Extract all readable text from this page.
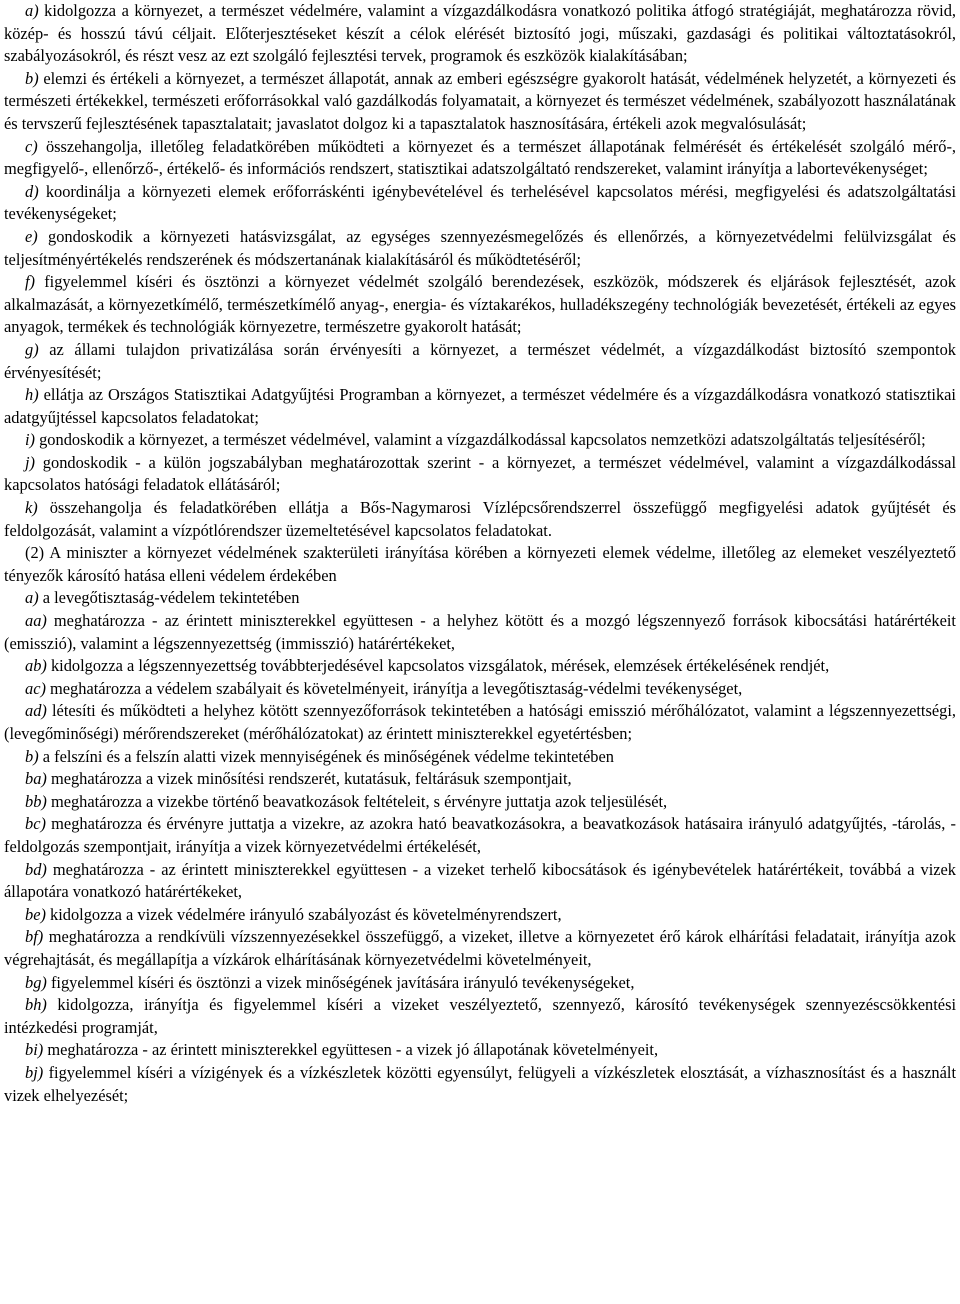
a) kidolgozza a környezet, a természet védelmére, valamint a vízgazdálkodásra vonatkozó politika átfogó stratégiáját, meghatározza rövid, közép- és hosszú távú céljait. Előterjesztéseket készít a célok elérését biztosító jogi, műszaki, gazdasági és politikai változtatásokról, szabályozásokról, és részt vesz az ezt szolgáló fejlesztési tervek, programok és eszközök kialakításában;

b) elemzi és értékeli a környezet, a természet állapotát, annak az emberi egészségre gyakorolt hatását, védelmének helyzetét, a környezeti és természeti értékekkel, természeti erőforrásokkal való gazdálkodás folyamatait, a környezet és természet védelmének, szabályozott használatának és tervszerű fejlesztésének tapasztalatait; javaslatot dolgoz ki a tapasztalatok hasznosítására, értékeli azok megvalósulását;

c) összehangolja, illetőleg feladatkörében működteti a környezet és a természet állapotának felmérését és értékelését szolgáló mérő-, megfigyelő-, ellenőrző-, értékelő- és információs rendszert, statisztikai adatszolgáltató rendszereket, valamint irányítja a labortevékenységet;

d) koordinálja a környezeti elemek erőforráskénti igénybevételével és terhelésével kapcsolatos mérési, megfigyelési és adatszolgáltatási tevékenységeket;

e) gondoskodik a környezeti hatásvizsgálat, az egységes szennyezésmegelőzés és ellenőrzés, a környezetvédelmi felülvizsgálat és teljesítményértékelés rendszerének és módszertanának kialakításáról és működtetéséről;

f) figyelemmel kíséri és ösztönzi a környezet védelmét szolgáló berendezések, eszközök, módszerek és eljárások fejlesztését, azok alkalmazását, a környezetkímélő, természetkímélő anyag-, energia- és víztakarékos, hulladékszegény technológiák bevezetését, értékeli az egyes anyagok, termékek és technológiák környezetre, természetre gyakorolt hatását;

g) az állami tulajdon privatizálása során érvényesíti a környezet, a természet védelmét, a vízgazdálkodást biztosító szempontok érvényesítését;

h) ellátja az Országos Statisztikai Adatgyűjtési Programban a környezet, a természet védelmére és a vízgazdálkodásra vonatkozó statisztikai adatgyűjtéssel kapcsolatos feladatokat;

i) gondoskodik a környezet, a természet védelmével, valamint a vízgazdálkodással kapcsolatos nemzetközi adatszolgáltatás teljesítéséről;

j) gondoskodik - a külön jogszabályban meghatározottak szerint - a környezet, a természet védelmével, valamint a vízgazdálkodással kapcsolatos hatósági feladatok ellátásáról;

k) összehangolja és feladatkörében ellátja a Bős-Nagymarosi Vízlépcsőrendszerrel összefüggő megfigyelési adatok gyűjtését és feldolgozását, valamint a vízpótlórendszer üzemeltetésével kapcsolatos feladatokat.

(2) A miniszter a környezet védelmének szakterületi irányítása körében a környezeti elemek védelme, illetőleg az elemeket veszélyeztető tényezők károsító hatása elleni védelem érdekében

a) a levegőtisztaság-védelem tekintetében

aa) meghatározza - az érintett miniszterekkel együttesen - a helyhez kötött és a mozgó légszennyező források kibocsátási határértékeit (emisszió), valamint a légszennyezettség (immisszió) határértékeket,

ab) kidolgozza a légszennyezettség továbbterjedésével kapcsolatos vizsgálatok, mérések, elemzések értékelésének rendjét,

ac) meghatározza a védelem szabályait és követelményeit, irányítja a levegőtisztaság-védelmi tevékenységet,

ad) létesíti és működteti a helyhez kötött szennyezőforrások tekintetében a hatósági emisszió mérőhálózatot, valamint a légszennyezettségi, (levegőminőségi) mérőrendszereket (mérőhálózatokat) az érintett miniszterekkel egyetértésben;

b) a felszíni és a felszín alatti vizek mennyiségének és minőségének védelme tekintetében

ba) meghatározza a vizek minősítési rendszerét, kutatásuk, feltárásuk szempontjait,

bb) meghatározza a vizekbe történő beavatkozások feltételeit, s érvényre juttatja azok teljesülését,

bc) meghatározza és érvényre juttatja a vizekre, az azokra ható beavatkozásokra, a beavatkozások hatásaira irányuló adatgyűjtés, -tárolás, -feldolgozás szempontjait, irányítja a vizek környezetvédelmi értékelését,

bd) meghatározza - az érintett miniszterekkel együttesen - a vizeket terhelő kibocsátások és igénybevételek határértékeit, továbbá a vizek állapotára vonatkozó határértékeket,

be) kidolgozza a vizek védelmére irányuló szabályozást és követelményrendszert,

bf) meghatározza a rendkívüli vízszennyezésekkel összefüggő, a vizeket, illetve a környezetet érő károk elhárítási feladatait, irányítja azok végrehajtását, és megállapítja a vízkárok elhárításának környezetvédelmi követelményeit,

bg) figyelemmel kíséri és ösztönzi a vizek minőségének javítására irányuló tevékenységeket,

bh) kidolgozza, irányítja és figyelemmel kíséri a vizeket veszélyeztető, szennyező, károsító tevékenységek szennyezéscsökkentési intézkedési programját,

bi) meghatározza - az érintett miniszterekkel együttesen - a vizek jó állapotának követelményeit,

bj) figyelemmel kíséri a vízigények és a vízkészletek közötti egyensúlyt, felügyeli a vízkészletek elosztását, a vízhasznosítást és a használt vizek elhelyezését;
